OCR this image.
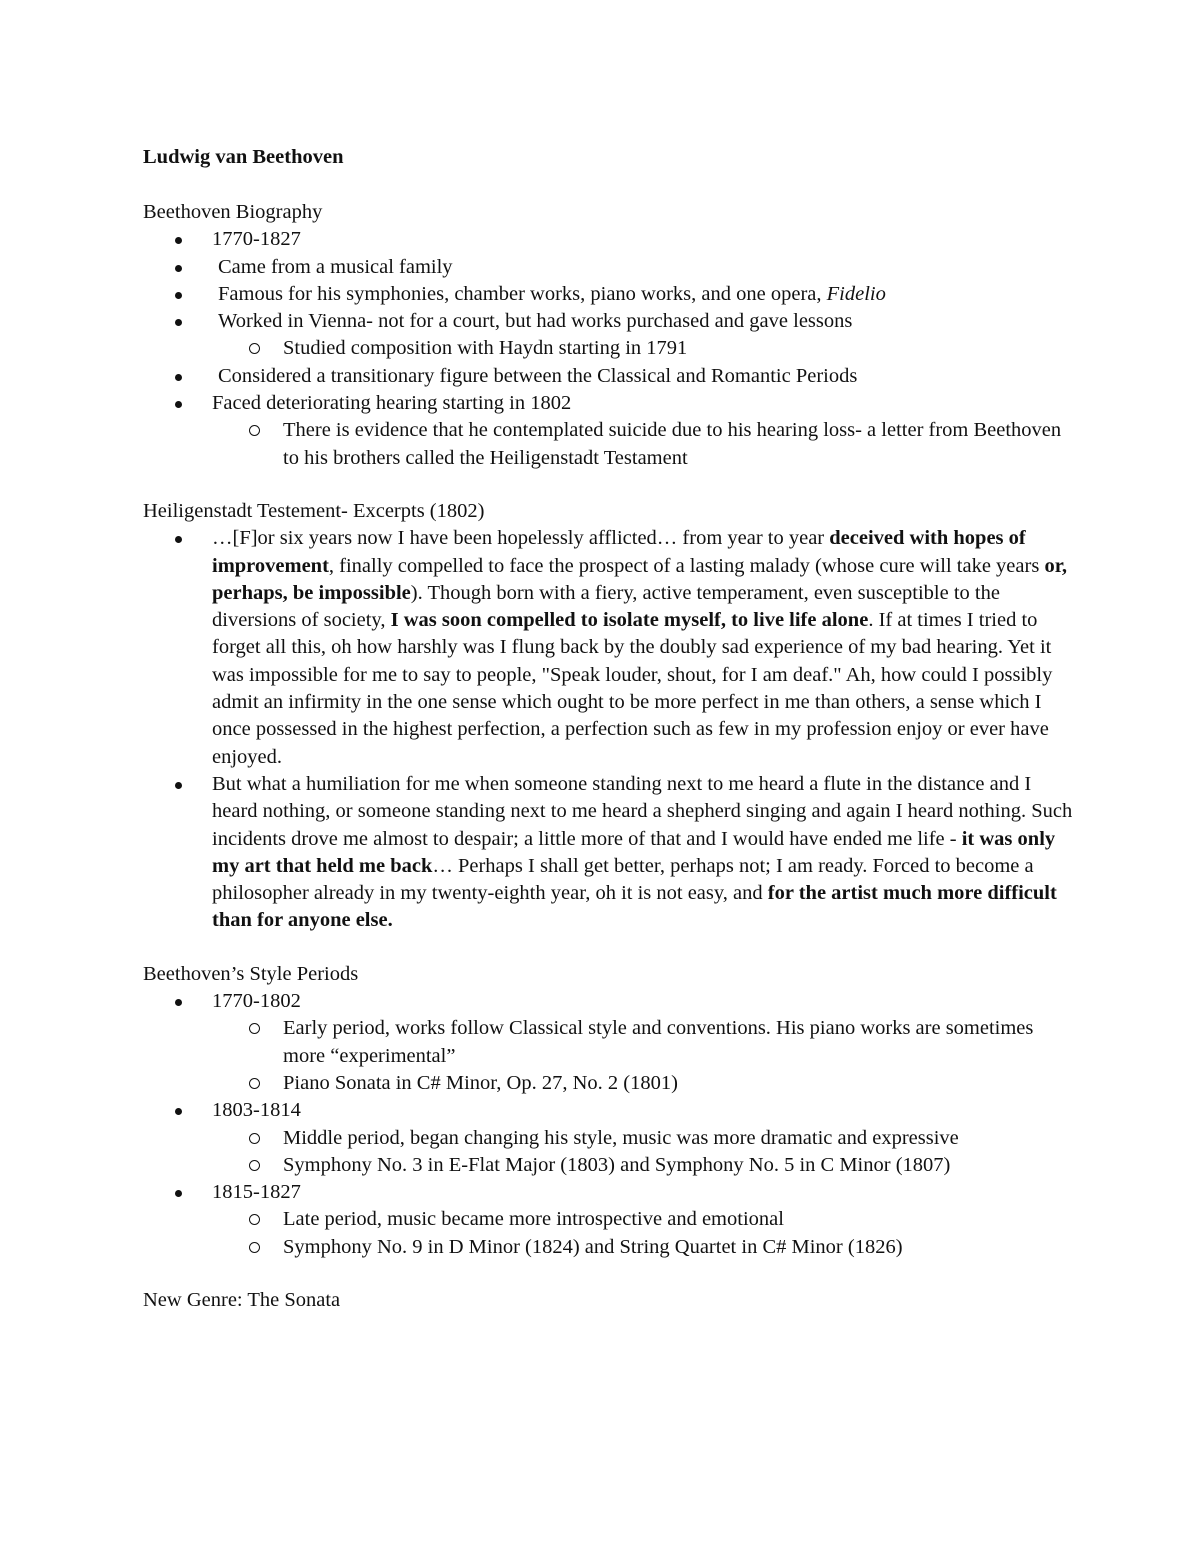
Ludwig van Beethoven
Beethoven Biography
1770-1827
Came from a musical family
Famous for his symphonies, chamber works, piano works, and one opera, Fidelio
Worked in Vienna- not for a court, but had works purchased and gave lessons
Studied composition with Haydn starting in 1791
Considered a transitionary figure between the Classical and Romantic Periods
Faced deteriorating hearing starting in 1802
There is evidence that he contemplated suicide due to his hearing loss- a letter from Beethoven to his brothers called the Heiligenstadt Testament
Heiligenstadt Testement- Excerpts (1802)
…[F]or six years now I have been hopelessly afflicted… from year to year deceived with hopes of improvement, finally compelled to face the prospect of a lasting malady (whose cure will take years or, perhaps, be impossible). Though born with a fiery, active temperament, even susceptible to the diversions of society, I was soon compelled to isolate myself, to live life alone. If at times I tried to forget all this, oh how harshly was I flung back by the doubly sad experience of my bad hearing. Yet it was impossible for me to say to people, "Speak louder, shout, for I am deaf." Ah, how could I possibly admit an infirmity in the one sense which ought to be more perfect in me than others, a sense which I once possessed in the highest perfection, a perfection such as few in my profession enjoy or ever have enjoyed.
But what a humiliation for me when someone standing next to me heard a flute in the distance and I heard nothing, or someone standing next to me heard a shepherd singing and again I heard nothing. Such incidents drove me almost to despair; a little more of that and I would have ended me life - it was only my art that held me back… Perhaps I shall get better, perhaps not; I am ready. Forced to become a philosopher already in my twenty-eighth year, oh it is not easy, and for the artist much more difficult than for anyone else.
Beethoven’s Style Periods
1770-1802
Early period, works follow Classical style and conventions. His piano works are sometimes more “experimental”
Piano Sonata in C# Minor, Op. 27, No. 2 (1801)
1803-1814
Middle period, began changing his style, music was more dramatic and expressive
Symphony No. 3 in E-Flat Major (1803) and Symphony No. 5 in C Minor (1807)
1815-1827
Late period, music became more introspective and emotional
Symphony No. 9 in D Minor (1824) and String Quartet in C# Minor (1826)
New Genre: The Sonata
